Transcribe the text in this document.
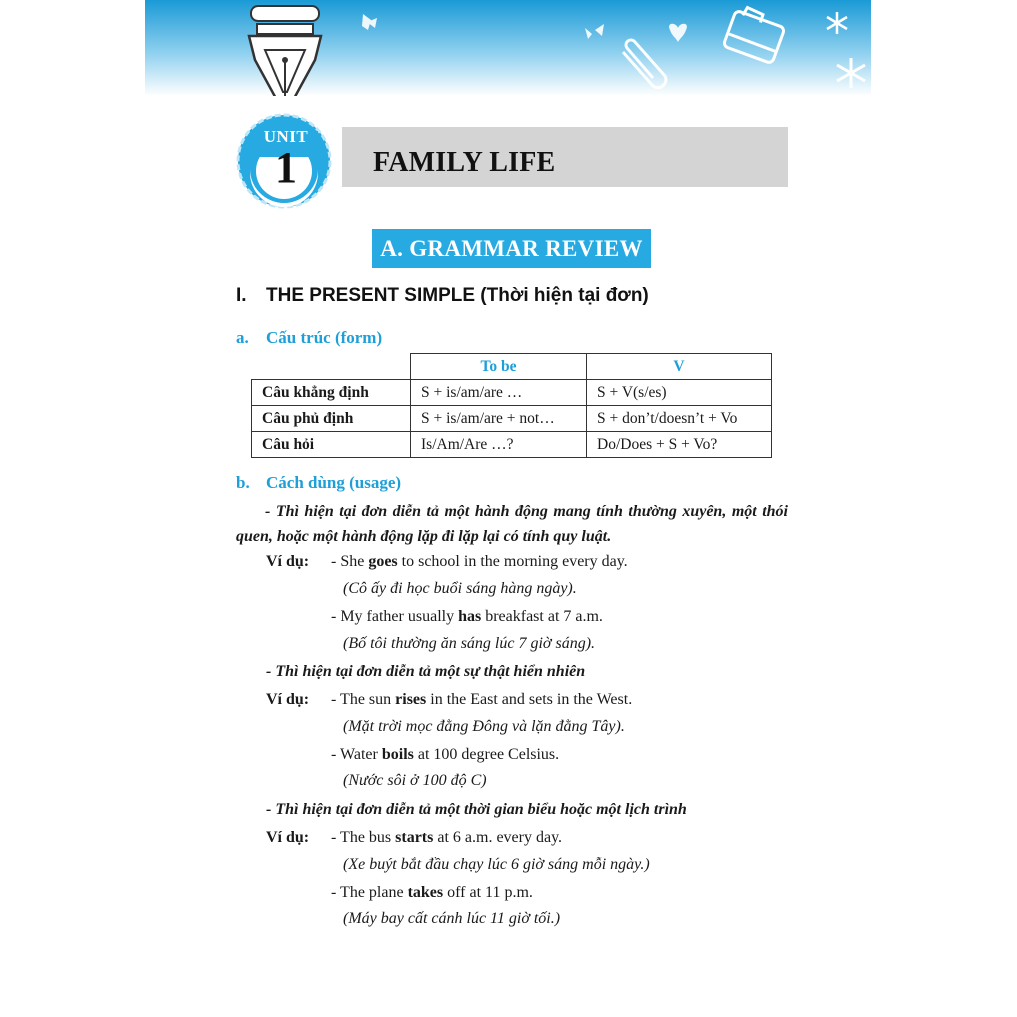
UNIT
1	FAMILY LIFE
A. GRAMMAR REVIEW
I. THE PRESENT SIMPLE (Thời hiện tại đơn)
a. Cấu trúc (form)
	To be	V
Câu khẳng định	S + is/am/are …	S + V(s/es)
Câu phủ định	S + is/am/are + not…	S + don’t/doesn’t + Vo
Câu hỏi	Is/Am/Are …?	Do/Does + S + Vo?
b. Cách dùng (usage)
- Thì hiện tại đơn diễn tả một hành động mang tính thường xuyên, một thói quen, hoặc một hành động lặp đi lặp lại có tính quy luật.
Ví dụ: - She goes to school in the morning every day.
(Cô ấy đi học buổi sáng hàng ngày).
- My father usually has breakfast at 7 a.m.
(Bố tôi thường ăn sáng lúc 7 giờ sáng).
- Thì hiện tại đơn diễn tả một sự thật hiển nhiên
Ví dụ: - The sun rises in the East and sets in the West.
(Mặt trời mọc đằng Đông và lặn đằng Tây).
- Water boils at 100 degree Celsius.
(Nước sôi ở 100 độ C)
- Thì hiện tại đơn diễn tả một thời gian biểu hoặc một lịch trình
Ví dụ: - The bus starts at 6 a.m. every day.
(Xe buýt bắt đầu chạy lúc 6 giờ sáng mỗi ngày.)
- The plane takes off at 11 p.m.
(Máy bay cất cánh lúc 11 giờ tối.)
